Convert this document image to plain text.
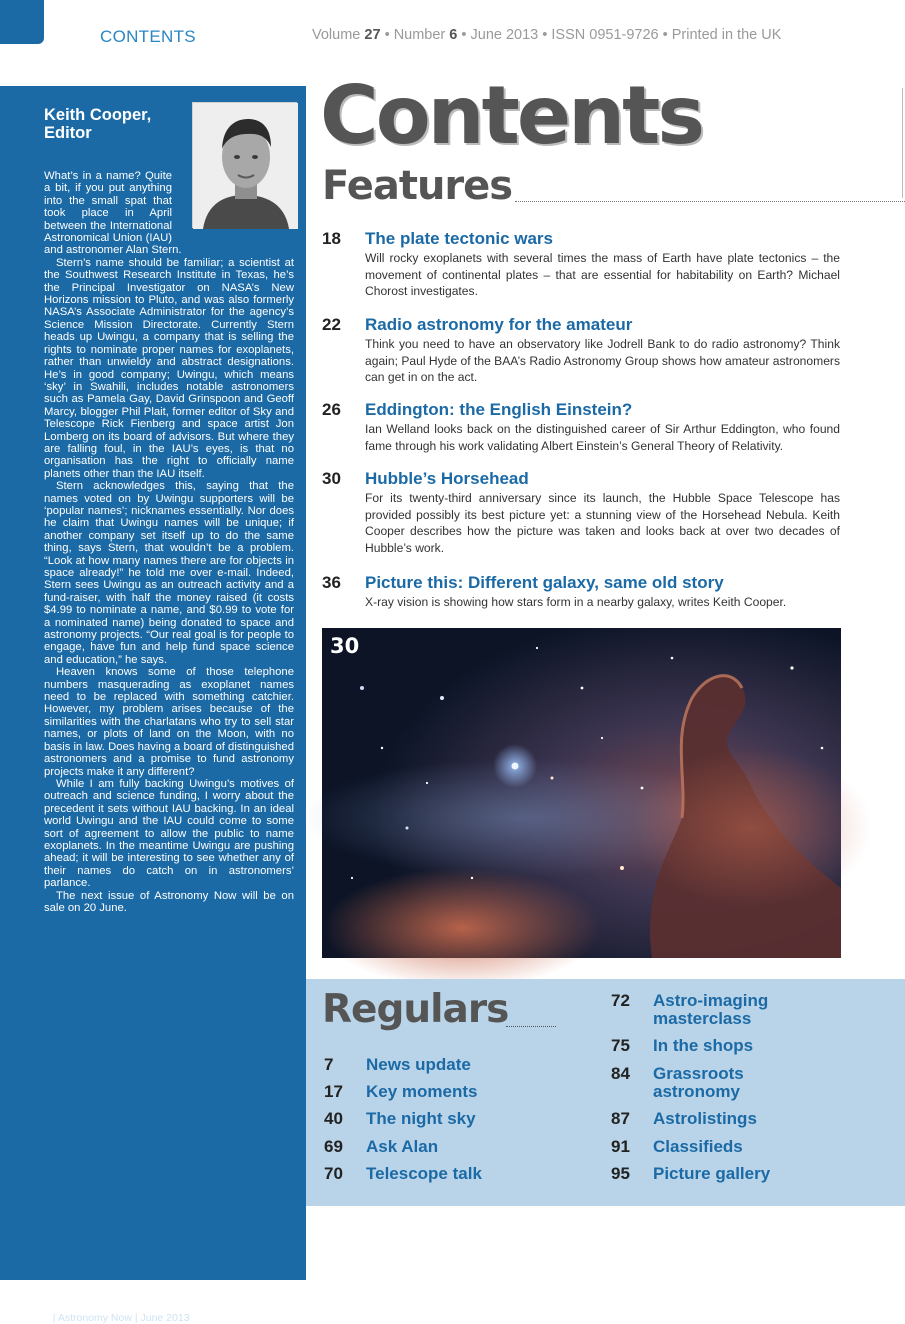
CONTENTS	Volume 27 • Number 6 • June 2013 • ISSN 0951-9726 • Printed in the UK
Keith Cooper,
Editor

What’s in a name? Quite a bit, if you put anything into the small spat that took place in April between the International Astronomical Union (IAU) and astronomer Alan Stern.

Stern’s name should be familiar; a scientist at the Southwest Research Institute in Texas, he’s the Principal Investigator on NASA’s New Horizons mission to Pluto, and was also formerly NASA’s Associate Administrator for the agency’s Science Mission Directorate. Currently Stern heads up Uwingu, a company that is selling the rights to nominate proper names for exoplanets, rather than unwieldy and abstract designations. He’s in good company; Uwingu, which means ‘sky’ in Swahili, includes notable astronomers such as Pamela Gay, David Grinspoon and Geoff Marcy, blogger Phil Plait, former editor of Sky and Telescope Rick Fienberg and space artist Jon Lomberg on its board of advisors. But where they are falling foul, in the IAU’s eyes, is that no organisation has the right to officially name planets other than the IAU itself.

Stern acknowledges this, saying that the names voted on by Uwingu supporters will be ‘popular names’; nicknames essentially. Nor does he claim that Uwingu names will be unique; if another company set itself up to do the same thing, says Stern, that wouldn’t be a problem. “Look at how many names there are for objects in space already!” he told me over e-mail. Indeed, Stern sees Uwingu as an outreach activity and a fund-raiser, with half the money raised (it costs $4.99 to nominate a name, and $0.99 to vote for a nominated name) being donated to space and astronomy projects. “Our real goal is for people to engage, have fun and help fund space science and education,” he says.

Heaven knows some of those telephone numbers masquerading as exoplanet names need to be replaced with something catchier. However, my problem arises because of the similarities with the charlatans who try to sell star names, or plots of land on the Moon, with no basis in law. Does having a board of distinguished astronomers and a promise to fund astronomy projects make it any different?

While I am fully backing Uwingu’s motives of outreach and science funding, I worry about the precedent it sets without IAU backing. In an ideal world Uwingu and the IAU could come to some sort of agreement to allow the public to name exoplanets. In the meantime Uwingu are pushing ahead; it will be interesting to see whether any of their names do catch on in astronomers’ parlance.

The next issue of Astronomy Now will be on sale on 20 June.

4 | Astronomy Now | June 2013
Contents
Features
18 The plate tectonic wars
Will rocky exoplanets with several times the mass of Earth have plate tectonics – the movement of continental plates – that are essential for habitability on Earth? Michael Chorost investigates.
22 Radio astronomy for the amateur
Think you need to have an observatory like Jodrell Bank to do radio astronomy? Think again; Paul Hyde of the BAA’s Radio Astronomy Group shows how amateur astronomers can get in on the act.
26 Eddington: the English Einstein?
Ian Welland looks back on the distinguished career of Sir Arthur Eddington, who found fame through his work validating Albert Einstein’s General Theory of Relativity.
30 Hubble’s Horsehead
For its twenty-third anniversary since its launch, the Hubble Space Telescope has provided possibly its best picture yet: a stunning view of the Horsehead Nebula. Keith Cooper describes how the picture was taken and looks back at over two decades of Hubble’s work.
36 Picture this: Different galaxy, same old story
X-ray vision is showing how stars form in a nearby galaxy, writes Keith Cooper.
30
Regulars
7	News update
17	Key moments
40	The night sky
69	Ask Alan
70	Telescope talk
72	Astro-imaging masterclass
75	In the shops
84	Grassroots astronomy
87	Astrolistings
91	Classifieds
95	Picture gallery
